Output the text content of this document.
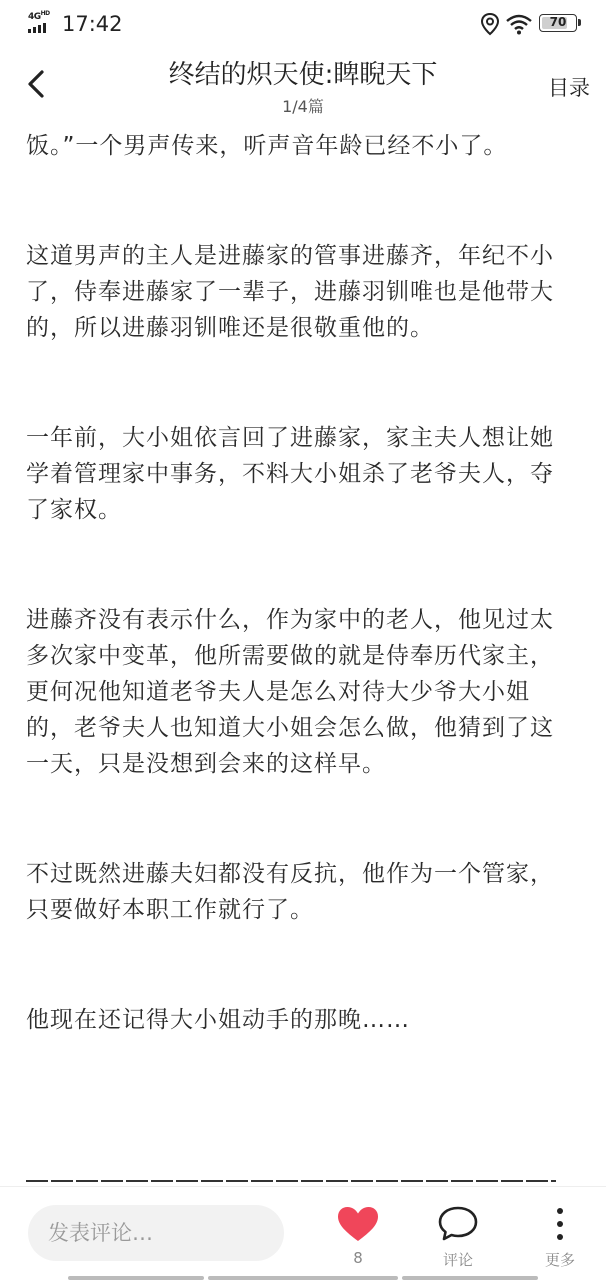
$4G^{HD}$ 17:42	70
终结的炽天使:睥睨天下
1/4篇
目录

饭。”一个男声传来，听声音年龄已经不小了。

这道男声的主人是进藤家的管事进藤齐，年纪不小了，侍奉进藤家了一辈子，进藤羽钏唯也是他带大的，所以进藤羽钏唯还是很敬重他的。

一年前，大小姐依言回了进藤家，家主夫人想让她学着管理家中事务，不料大小姐杀了老爷夫人，夺了家权。

进藤齐没有表示什么，作为家中的老人，他见过太多次家中变革，他所需要做的就是侍奉历代家主，更何况他知道老爷夫人是怎么对待大少爷大小姐的，老爷夫人也知道大小姐会怎么做，他猜到了这一天，只是没想到会来的这样早。

不过既然进藤夫妇都没有反抗，他作为一个管家，只要做好本职工作就行了。

他现在还记得大小姐动手的那晚……

发表评论…
8	评论	更多
